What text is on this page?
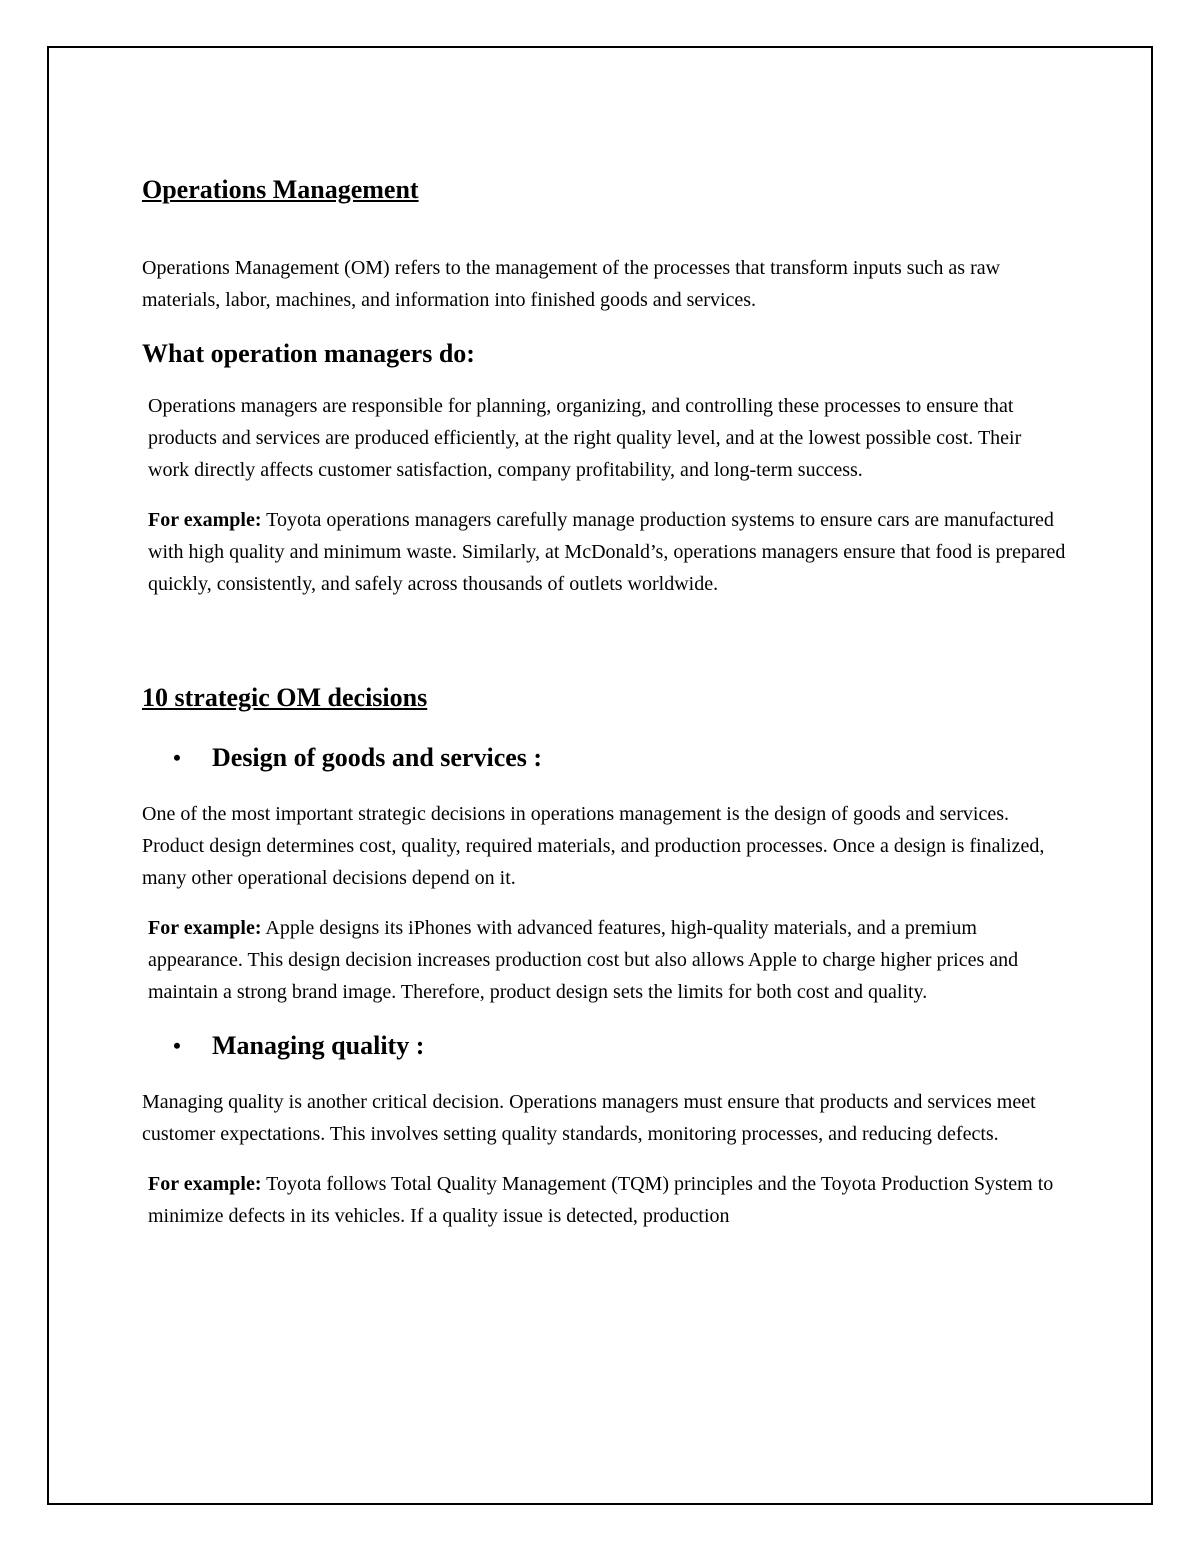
Operations Management

Operations Management (OM) refers to the management of the processes that transform inputs such as raw materials, labor, machines, and information into finished goods and services.

What operation managers do:

Operations managers are responsible for planning, organizing, and controlling these processes to ensure that products and services are produced efficiently, at the right quality level, and at the lowest possible cost. Their work directly affects customer satisfaction, company profitability, and long-term success.

For example: Toyota operations managers carefully manage production systems to ensure cars are manufactured with high quality and minimum waste. Similarly, at McDonald’s, operations managers ensure that food is prepared quickly, consistently, and safely across thousands of outlets worldwide.

10 strategic OM decisions
•	Design of goods and services :

One of the most important strategic decisions in operations management is the design of goods and services. Product design determines cost, quality, required materials, and production processes. Once a design is finalized, many other operational decisions depend on it.

For example: Apple designs its iPhones with advanced features, high-quality materials, and a premium appearance. This design decision increases production cost but also allows Apple to charge higher prices and maintain a strong brand image. Therefore, product design sets the limits for both cost and quality.

•	Managing quality :

Managing quality is another critical decision. Operations managers must ensure that products and services meet customer expectations. This involves setting quality standards, monitoring processes, and reducing defects.

For example: Toyota follows Total Quality Management (TQM) principles and the Toyota Production System to minimize defects in its vehicles. If a quality issue is detected, production
